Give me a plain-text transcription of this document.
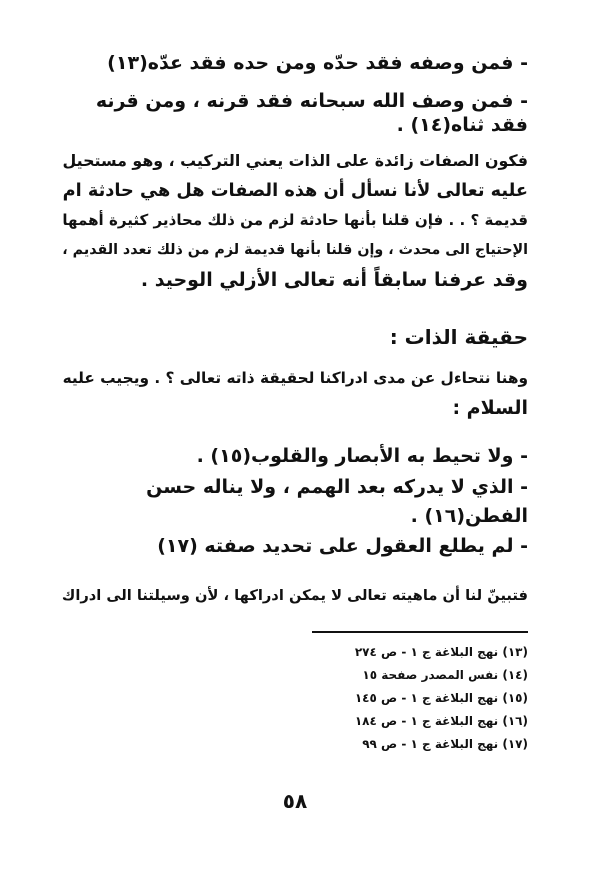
- فمن وصفه فقد حدّه ومن حده فقد عدّه(١٣)
- فمن وصف الله سبحانه فقد قرنه ، ومن قرنه
فقد ثناه(١٤) .
فكون الصفات زائدة على الذات يعني التركيب ، وهو مستحيل
عليه تعالى لأنا نسأل أن هذه الصفات هل هي حادثة ام
قديمة ؟ . . فإن قلنا بأنها حادثة لزم من ذلك محاذير كثيرة أهمها
الإحتياج الى محدث ، وإن قلنا بأنها قديمة لزم من ذلك تعدد القديم ،
وقد عرفنا سابقاً أنه تعالى الأزلي الوحيد .
حقيقة الذات :
وهنا نتحاءل عن مدى ادراكنا لحقيقة ذاته تعالى ؟ . ويجيب عليه
السلام :
- ولا تحيط به الأبصار والقلوب(١٥) .
- الذي لا يدركه بعد الهمم ، ولا يناله حسن
الفطن(١٦) .
- لم يطلع العقول على تحديد صفته (١٧)
فتبينّ لنا أن ماهيته تعالى لا يمكن ادراكها ، لأن وسيلتنا الى ادراك
(١٣) نهج البلاغة ج ١ - ص ٢٧٤
(١٤) نفس المصدر صفحة ١٥
(١٥) نهج البلاغة ج ١ - ص ١٤٥
(١٦) نهج البلاغة ج ١ - ص ١٨٤
(١٧) نهج البلاغة ج ١ - ص ٩٩
٥٨
